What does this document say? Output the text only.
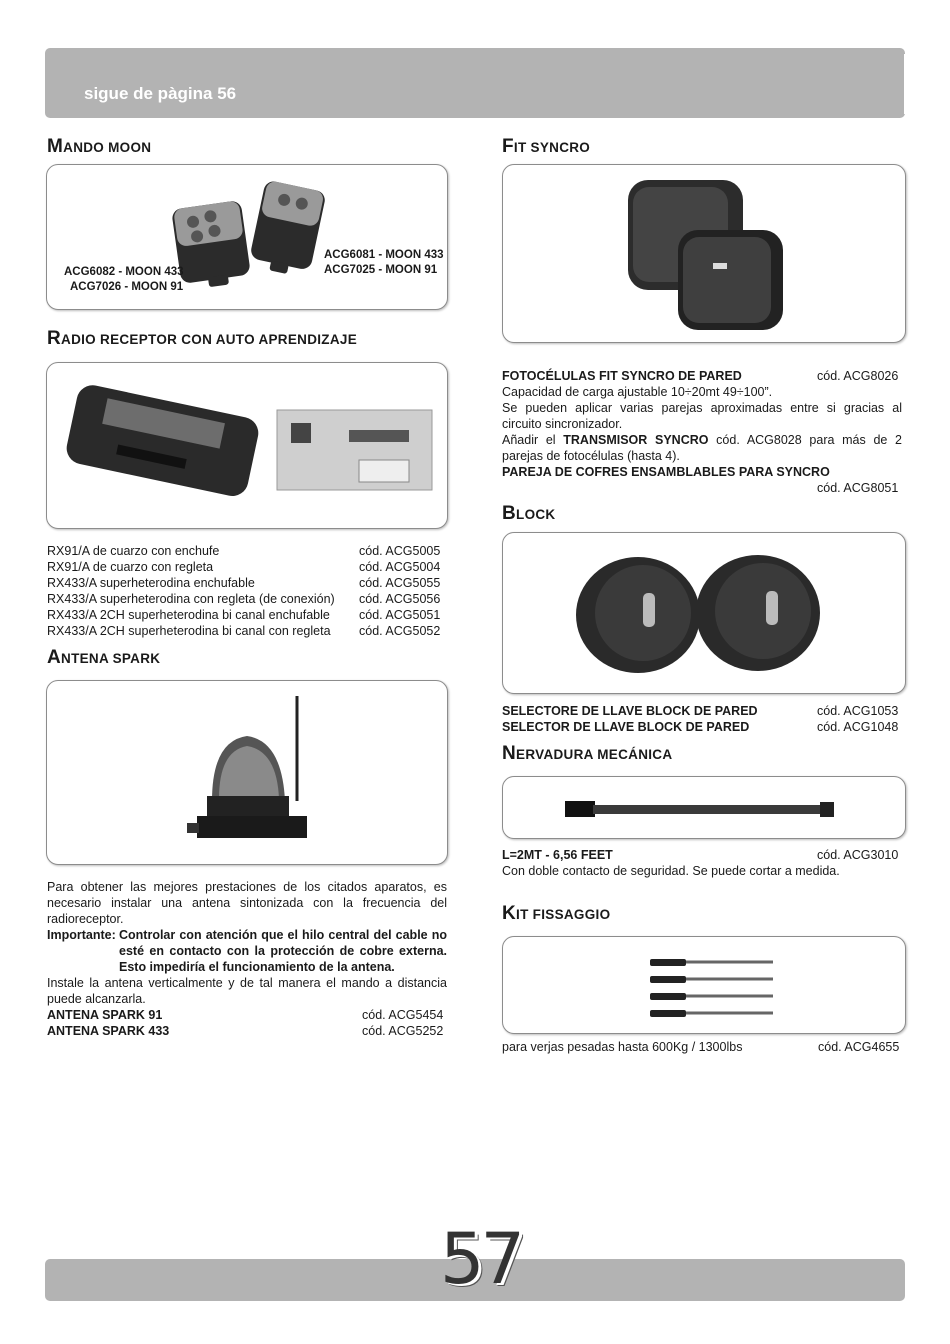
sigue de pàgina 56
E
S
MANDO MOON
ACG6082 - MOON 433
ACG7026 - MOON 91
ACG6081 - MOON 433
ACG7025 - MOON 91
RADIO RECEPTOR CON AUTO APRENDIZAJE
RX91/A de cuarzo con enchufe	cód. ACG5005
RX91/A de cuarzo con regleta	cód. ACG5004
RX433/A superheterodina enchufable	cód. ACG5055
RX433/A superheterodina con regleta (de conexión) cód. ACG5056
RX433/A 2CH superheterodina bi canal enchufable cód. ACG5051
RX433/A 2CH superheterodina bi canal con regleta cód. ACG5052
ANTENA SPARK
Para obtener las mejores prestaciones de los citados aparatos, es necesario instalar una antena sintonizada con la frecuencia del radioreceptor.
Importante: Controlar con atención que el hilo central del cable no esté en contacto con la protección de cobre externa. Esto impediría el funcionamiento de la antena.
Instale la antena verticalmente y de tal manera el mando a distancia puede alcanzarla.
ANTENA SPARK 91	cód. ACG5454
ANTENA SPARK 433	cód. ACG5252
FIT SYNCRO
FOTOCÉLULAS FIT SYNCRO DE PARED	cód. ACG8026
Capacidad de carga ajustable 10÷20mt 49÷100”.
Se pueden aplicar varias parejas aproximadas entre si gracias al circuito sincronizador.
Añadir el TRANSMISOR SYNCRO cód. ACG8028 para más de 2 parejas de fotocélulas (hasta 4).
PAREJA DE COFRES ENSAMBLABLES PARA SYNCRO
cód. ACG8051
BLOCK
SELECTORE DE LLAVE BLOCK DE PARED	cód. ACG1053
SELECTOR DE LLAVE BLOCK DE PARED	cód. ACG1048
NERVADURA MECÁNICA
L=2MT - 6,56 FEET	cód. ACG3010
Con doble contacto de seguridad. Se puede cortar a medida.
KIT FISSAGGIO
para verjas pesadas hasta 600Kg / 1300lbs	cód. ACG4655
57
